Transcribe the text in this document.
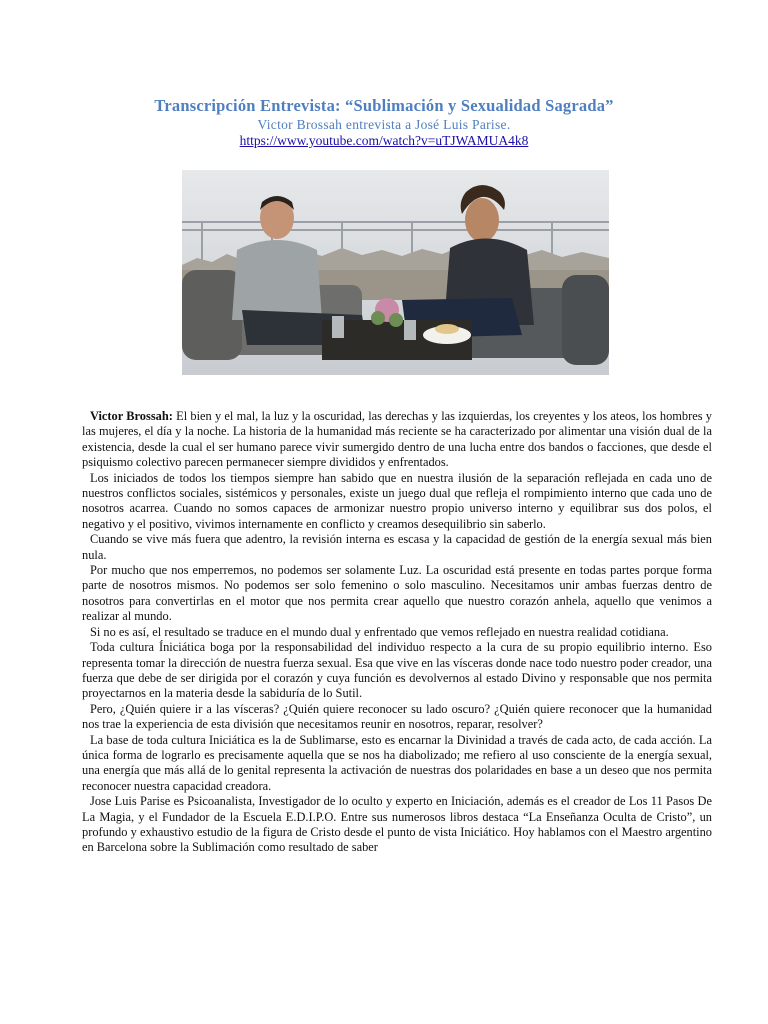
Transcripción Entrevista: “Sublimación y Sexualidad Sagrada”
Victor Brossah entrevista a José Luis Parise.
https://www.youtube.com/watch?v=uTJWAMUA4k8

Victor Brossah: El bien y el mal, la luz y la oscuridad, las derechas y las izquierdas, los creyentes y los ateos, los hombres y las mujeres, el día y la noche. La historia de la humanidad más reciente se ha caracterizado por alimentar una visión dual de la existencia, desde la cual el ser humano parece vivir sumergido dentro de una lucha entre dos bandos o facciones, que desde el psiquismo colectivo parecen permanecer siempre divididos y enfrentados.

Los iniciados de todos los tiempos siempre han sabido que en nuestra ilusión de la separación reflejada en cada uno de nuestros conflictos sociales, sistémicos y personales, existe un juego dual que refleja el rompimiento interno que cada uno de nosotros acarrea. Cuando no somos capaces de armonizar nuestro propio universo interno y equilibrar sus dos polos, el negativo y el positivo, vivimos internamente en conflicto y creamos desequilibrio sin saberlo.

Cuando se vive más fuera que adentro, la revisión interna es escasa y la capacidad de gestión de la energía sexual más bien nula.

Por mucho que nos emperremos, no podemos ser solamente Luz. La oscuridad está presente en todas partes porque forma parte de nosotros mismos. No podemos ser solo femenino o solo masculino. Necesitamos unir ambas fuerzas dentro de nosotros para convertirlas en el motor que nos permita crear aquello que nuestro corazón anhela, aquello que venimos a realizar al mundo.

Si no es así, el resultado se traduce en el mundo dual y enfrentado que vemos reflejado en nuestra realidad cotidiana.

Toda cultura Íniciática boga por la responsabilidad del individuo respecto a la cura de su propio equilibrio interno. Eso representa tomar la dirección de nuestra fuerza sexual. Esa que vive en las vísceras donde nace todo nuestro poder creador, una fuerza que debe de ser dirigida por el corazón y cuya función es devolvernos al estado Divino y responsable que nos permita proyectarnos en la materia desde la sabiduría de lo Sutil.

Pero, ¿Quién quiere ir a las vísceras? ¿Quién quiere reconocer su lado oscuro? ¿Quién quiere reconocer que la humanidad nos trae la experiencia de esta división que necesitamos reunir en nosotros, reparar, resolver?

La base de toda cultura Iniciática es la de Sublimarse, esto es encarnar la Divinidad a través de cada acto, de cada acción. La única forma de lograrlo es precisamente aquella que se nos ha diabolizado; me refiero al uso consciente de la energía sexual, una energía que más allá de lo genital representa la activación de nuestras dos polaridades en base a un deseo que nos permita reconocer nuestra capacidad creadora.

Jose Luis Parise es Psicoanalista, Investigador de lo oculto y experto en Iniciación, además es el creador de Los 11 Pasos De La Magia, y el Fundador de la Escuela E.D.I.P.O. Entre sus numerosos libros destaca “La Enseñanza Oculta de Cristo”, un profundo y exhaustivo estudio de la figura de Cristo desde el punto de vista Iniciático. Hoy hablamos con el Maestro argentino en Barcelona sobre la Sublimación como resultado de saber
